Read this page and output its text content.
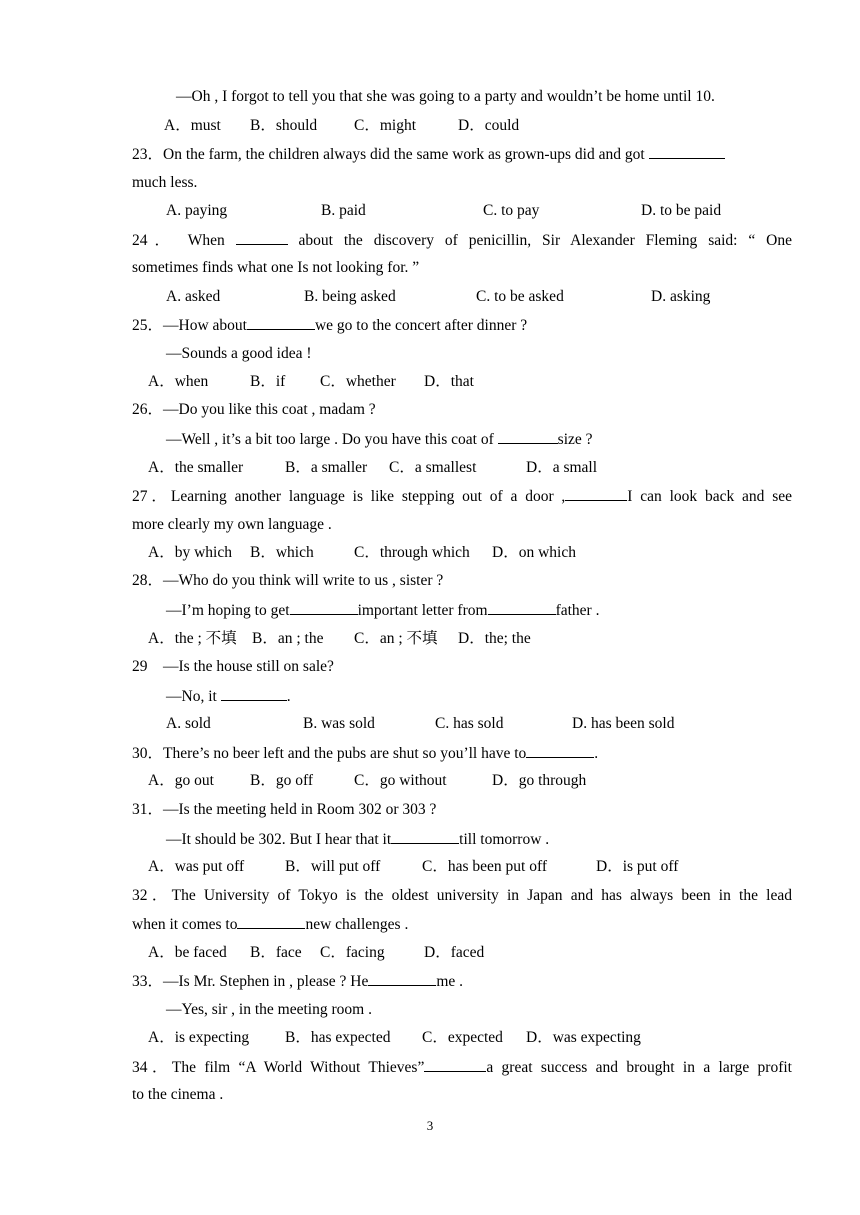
—Oh , I forgot to tell you that she was going to a party and wouldn’t be home until 10.
A．must B．should C．might	D．could
23．On the farm, the children always did the same work as grown-ups did and got
much less.
A. paying	B. paid	C. to pay	D. to be paid
24． When	about the discovery of penicillin, Sir Alexander Fleming said: “ One
sometimes finds what one Is not looking for. ”
A. asked	B. being asked	C. to be asked	D. asking
25．—How about	we go to the concert after dinner ?
—Sounds a good idea !
A．when	B．if C．whether D．that
26．—Do you like this coat , madam ?
—Well , it’s a bit too large . Do you have this coat of	size ?
A．the smaller	B．a smaller C．a smallest	D．a small
27．Learning another language is like stepping out of a door ,	I can look back and see
more clearly my own language .
A．by which B．which	C．through which D．on which
28．—Who do you think will write to us , sister ?
—I’m hoping to get	important letter from	father .
A．the ; 不填 B．an ; the C．an ; 不填 D．the; the
29　—Is the house still on sale?
—No, it	.
A. sold	B. was sold	C. has sold	D. has been sold
30．There’s no beer left and the pubs are shut so you’ll have to	.
A．go out B．go off	C．go without	D．go through
31．—Is the meeting held in Room 302 or 303 ?
—It should be 302. But I hear that it	till tomorrow .
A．was put off	B．will put off	C．has been put off	D．is put off
32．The University of Tokyo is the oldest university in Japan and has always been in the lead
when it comes to	new challenges .
A．be faced B．face C．facing	D．faced
33．—Is Mr. Stephen in , please ? He	me .
—Yes, sir , in the meeting room .
A．is expecting B．has expected C．expected D．was expecting
34．The film “A World Without Thieves”	a great success and brought in a large profit
to the cinema .
3
